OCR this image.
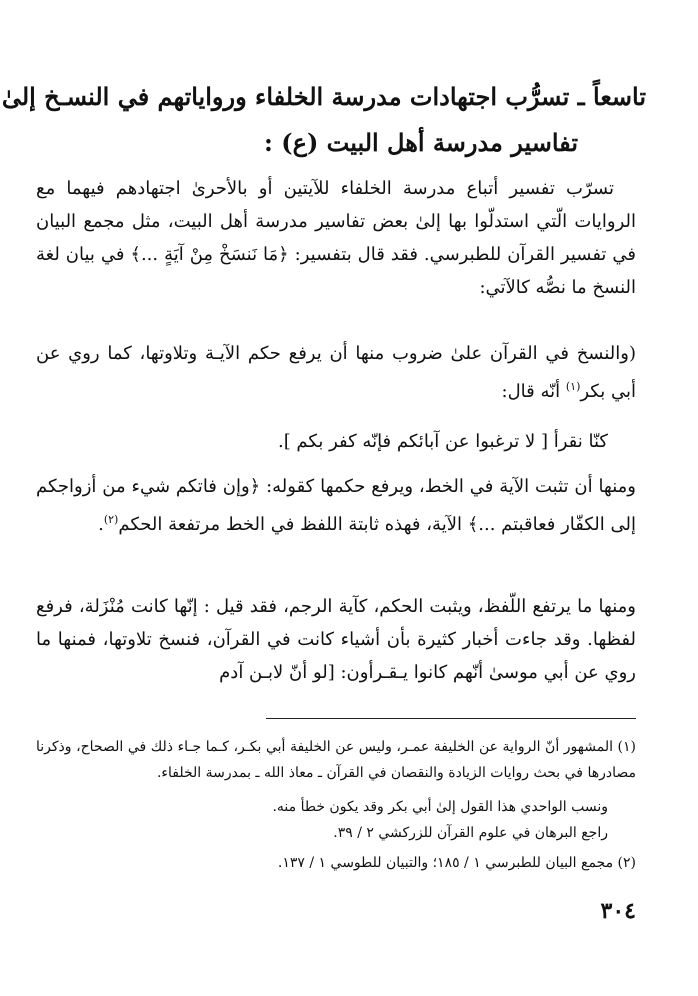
تاسعاً ـ تسرُّب اجتهادات مدرسة الخلفاء ورواياتهم في النسـخ إلىٰ
تفاسير مدرسة أهل البيت (ع) :

تسرّب تفسير أتباع مدرسة الخلفاء للآيتين أو بالأحرىٰ اجتهادهم فيهما مع الروايات الّتي استدلّوا بها إلىٰ بعض تفاسير مدرسة أهل البيت، مثل مجمع البيان في تفسير القرآن للطبرسي. فقد قال بتفسير: ﴿مَا نَنسَخْ مِنْ آيَةٍ ...﴾ في بيان لغة النسخ ما نصُّه كالآتي:

(والنسخ في القرآن علىٰ ضروب منها أن يرفع حكم الآيـة وتلاوتها، كما روي عن أبي بكر$^{(١)}$ أنّه قال:

كنّا نقرأ [ لا ترغبوا عن آبائكم فإنّه كفر بكم ].

ومنها أن تثبت الآية في الخط، ويرفع حكمها كقوله: ﴿وإن فاتكم شيء من أزواجكم إلى الكفّار فعاقبتم ...﴾ الآية، فهذه ثابتة اللفظ في الخط مرتفعة الحكم$^{(٢)}$.

ومنها ما يرتفع اللّفظ، ويثبت الحكم، كآية الرجم، فقد قيل : إنّها كانت مُنْزَلة، فرفع لفظها. وقد جاءت أخبار كثيرة بأن أشياء كانت في القرآن، فنسخ تلاوتها، فمنها ما روي عن أبي موسىٰ أنّهم كانوا يـقـرأون: [لو أنّ لابـن آدم

(١) المشهور أنّ الرواية عن الخليفة عمـر، وليس عن الخليفة أبي بكـر، كـما جـاء ذلك في الصحاح، وذكرنا مصادرها في بحث روايات الزيادة والنقصان في القرآن ـ معاذ الله ـ بمدرسة الخلفاء.
ونسب الواحدي هذا القول إلىٰ أبي بكر وقد يكون خطأ منه.
راجع البرهان في علوم القرآن للزركشي ٢ / ٣٩.
(٢) مجمع البيان للطبرسي ١ / ١٨٥؛ والتبيان للطوسي ١ / ١٣٧.
٣٠٤
